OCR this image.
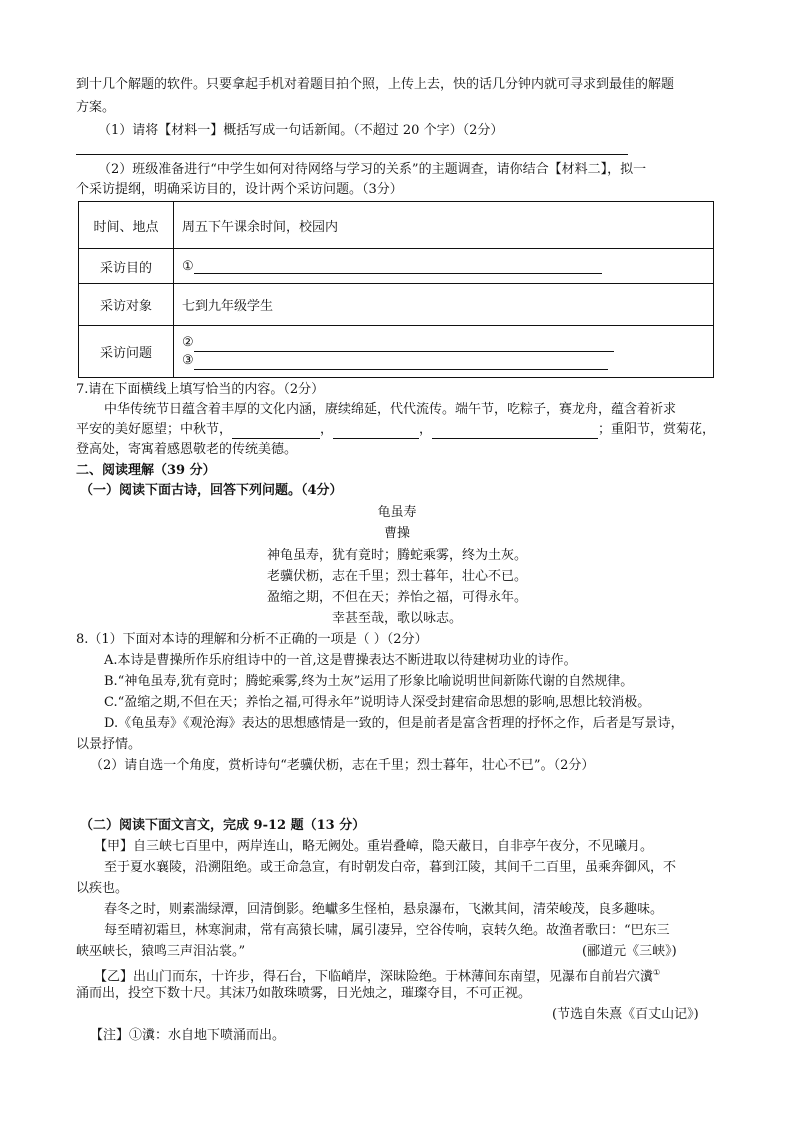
到十几个解题的软件。只要拿起手机对着题目拍个照，上传上去，快的话几分钟内就可寻求到最佳的解题
方案。
（1）请将【材料一】概括写成一句话新闻。（不超过 20 个字）（2分）
（2）班级准备进行“中学生如何对待网络与学习的关系”的主题调查，请你结合【材料二】，拟一
个采访提纲，明确采访目的，设计两个采访问题。（3分）
时间、地点	周五下午课余时间，校园内
采访目的	①
采访对象	七到九年级学生
采访问题	②
③
7.请在下面横线上填写恰当的内容。（2分）
中华传统节日蕴含着丰厚的文化内涵，赓续绵延，代代流传。端午节，吃粽子，赛龙舟，蕴含着祈求
平安的美好愿望；中秋节，	，	，	；重阳节，赏菊花，
登高处，寄寓着感恩敬老的传统美德。
二、阅读理解（39 分）
（一）阅读下面古诗，回答下列问题。（4分）
龟虽寿
曹操
神龟虽寿，犹有竟时；腾蛇乘雾，终为土灰。
老骥伏枥，志在千里；烈士暮年，壮心不已。
盈缩之期，不但在天；养怡之福，可得永年。
幸甚至哉，歌以咏志。
8.（1）下面对本诗的理解和分析不正确的一项是（ ）（2分）
A.本诗是曹操所作乐府组诗中的一首,这是曹操表达不断进取以待建树功业的诗作。
B.“神龟虽寿,犹有竟时；腾蛇乘雾,终为土灰”运用了形象比喻说明世间新陈代谢的自然规律。
C.“盈缩之期,不但在天；养怡之福,可得永年”说明诗人深受封建宿命思想的影响,思想比较消极。
D.《龟虽寿》《观沧海》表达的思想感情是一致的，但是前者是富含哲理的抒怀之作，后者是写景诗，
以景抒情。
（2）请自选一个角度，赏析诗句“老骥伏枥，志在千里；烈士暮年，壮心不已”。（2分）
（二）阅读下面文言文，完成 9-12 题（13 分）
【甲】自三峡七百里中，两岸连山，略无阙处。重岩叠嶂，隐天蔽日，自非亭午夜分，不见曦月。
至于夏水襄陵，沿溯阻绝。或王命急宣，有时朝发白帝，暮到江陵，其间千二百里，虽乘奔御风，不
以疾也。
春冬之时，则素湍绿潭，回清倒影。绝巘多生怪柏，悬泉瀑布，飞漱其间，清荣峻茂，良多趣味。
每至晴初霜旦，林寒涧肃，常有高猿长啸，属引凄异，空谷传响，哀转久绝。故渔者歌曰：“巴东三
峡巫峡长，猿鸣三声泪沾裳。”	(郦道元《三峡》)
【乙】出山门而东，十许步，得石台，下临峭岸，深昧险绝。于林薄间东南望，见瀑布自前岩穴瀵①
涌而出，投空下数十尺。其沫乃如散珠喷雾，日光烛之，璀璨夺目，不可正视。
(节选自朱熹《百丈山记》)
【注】①瀵：水自地下喷涌而出。
